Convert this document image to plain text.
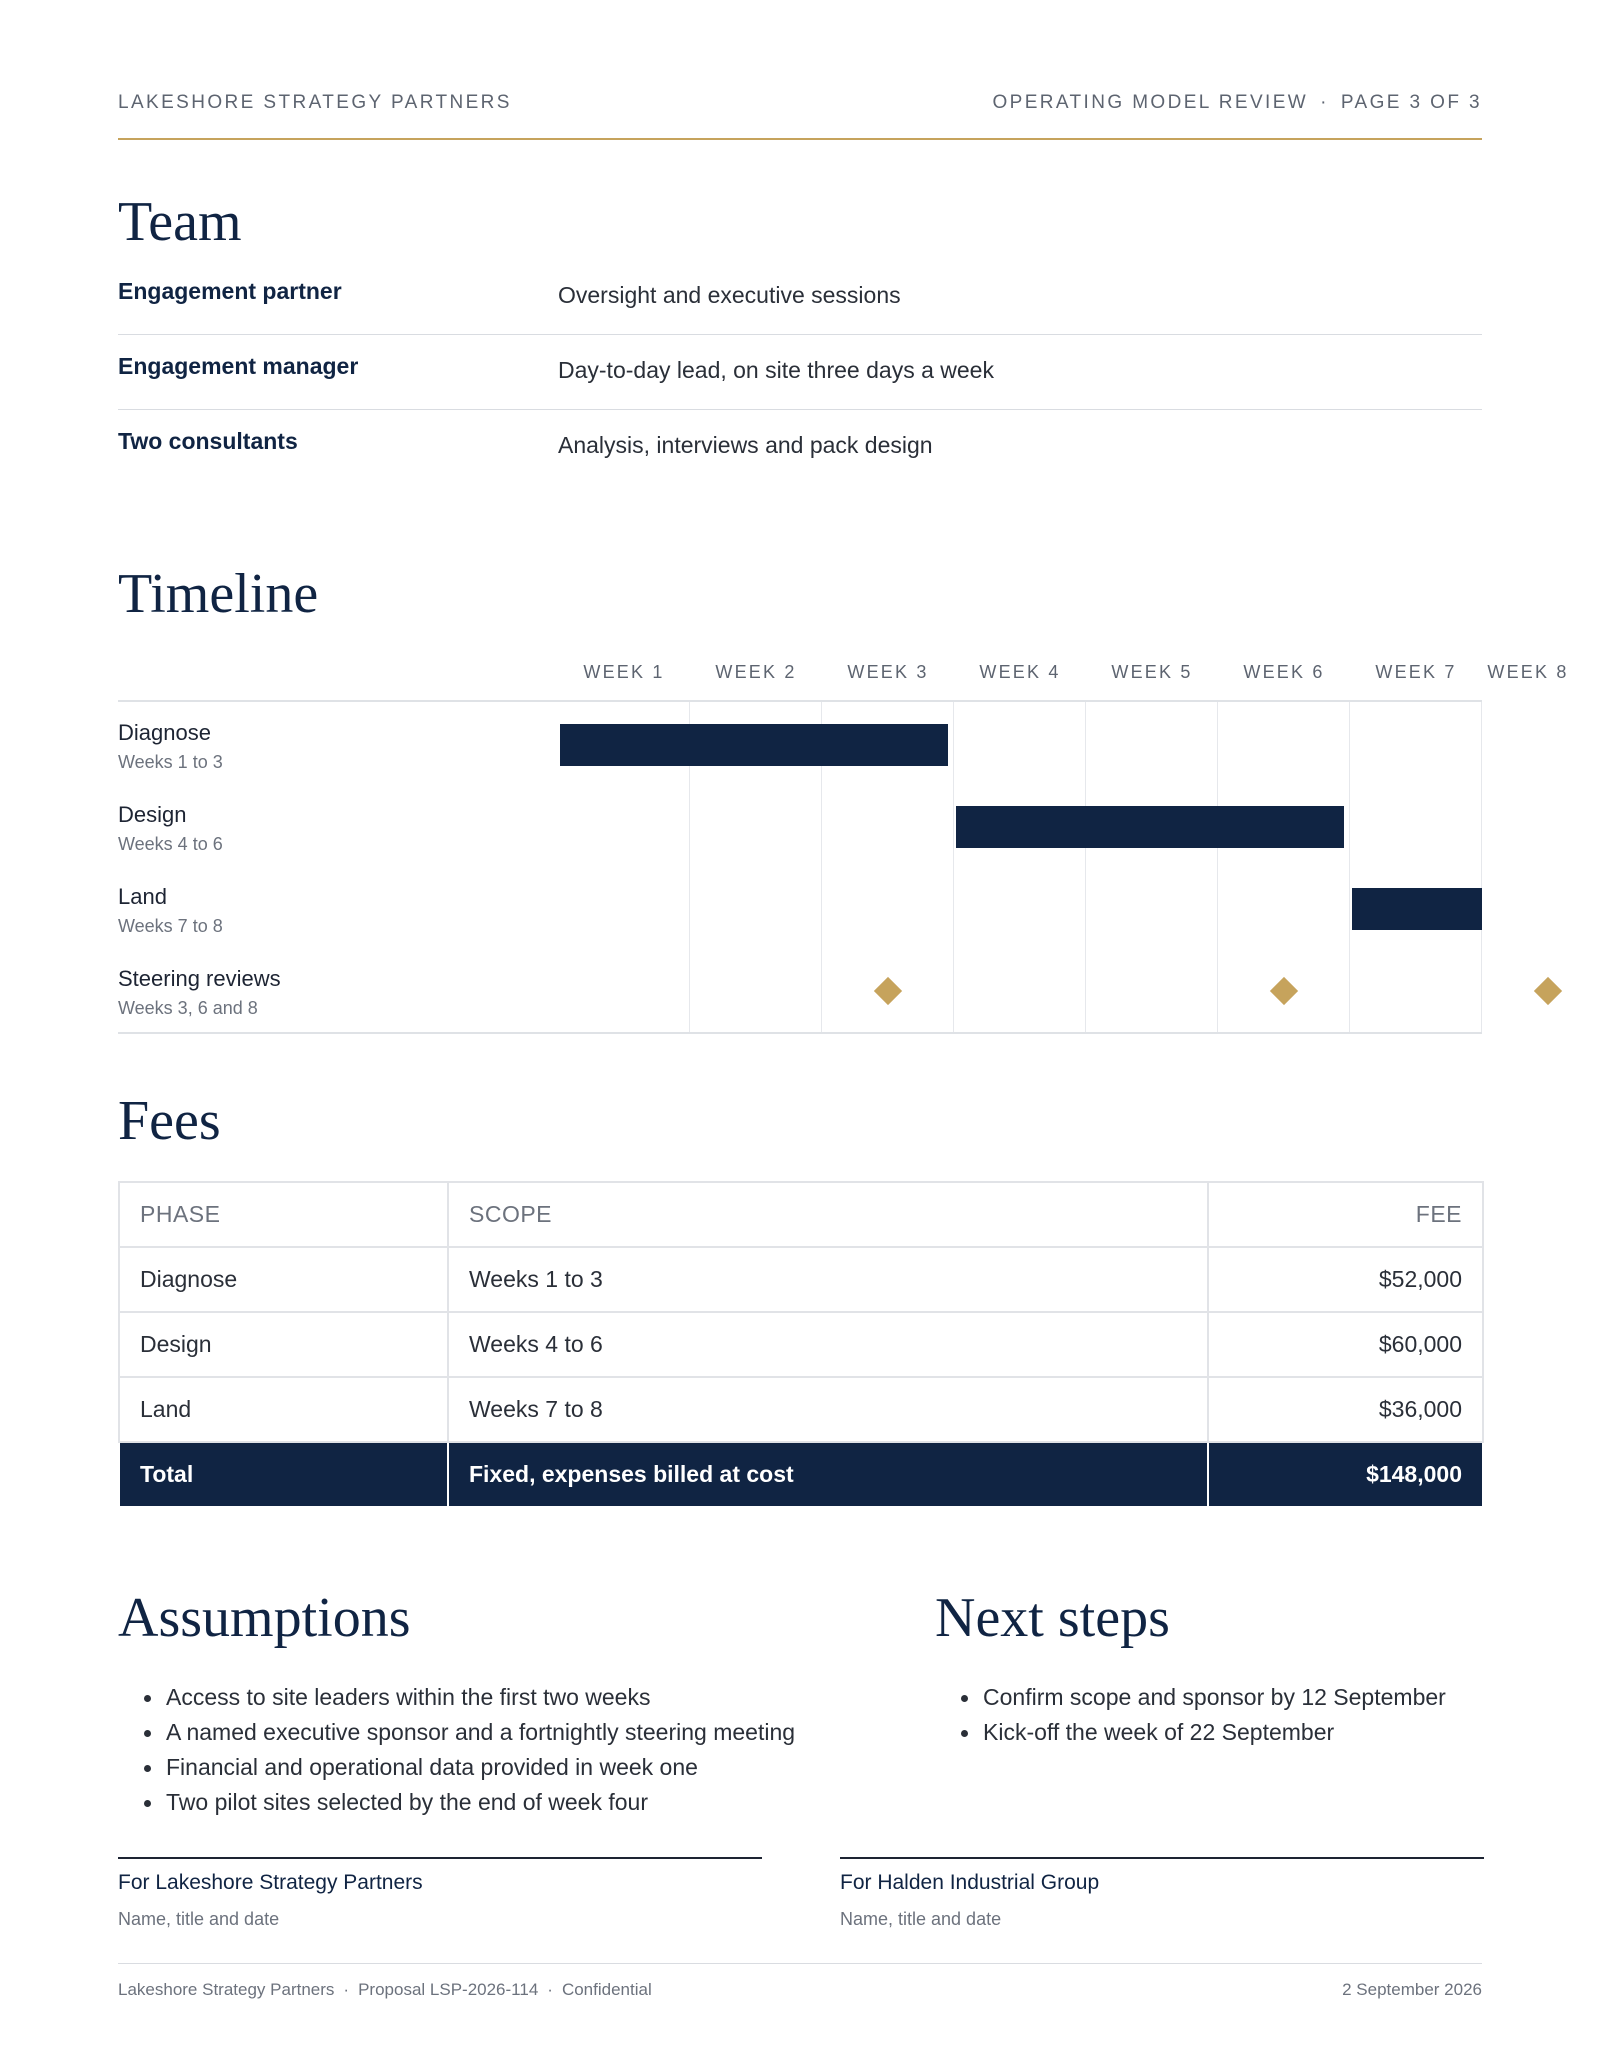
LAKESHORE STRATEGY PARTNERS	OPERATING MODEL REVIEW · PAGE 3 OF 3
Team
Engagement partner	Oversight and executive sessions
Engagement manager	Day-to-day lead, on site three days a week
Two consultants	Analysis, interviews and pack design
Timeline
WEEK 1	WEEK 2	WEEK 3	WEEK 4	WEEK 5	WEEK 6	WEEK 7	WEEK 8
Diagnose
Weeks 1 to 3
Design
Weeks 4 to 6
Land
Weeks 7 to 8
Steering reviews
Weeks 3, 6 and 8
Fees
PHASE	SCOPE	FEE
Diagnose	Weeks 1 to 3	$52,000
Design	Weeks 4 to 6	$60,000
Land	Weeks 7 to 8	$36,000
Total	Fixed, expenses billed at cost	$148,000
Assumptions
Access to site leaders within the first two weeks
A named executive sponsor and a fortnightly steering meeting
Financial and operational data provided in week one
Two pilot sites selected by the end of week four
Next steps
Confirm scope and sponsor by 12 September
Kick-off the week of 22 September
For Lakeshore Strategy Partners
Name, title and date
For Halden Industrial Group
Name, title and date
Lakeshore Strategy Partners · Proposal LSP-2026-114 · Confidential	2 September 2026
